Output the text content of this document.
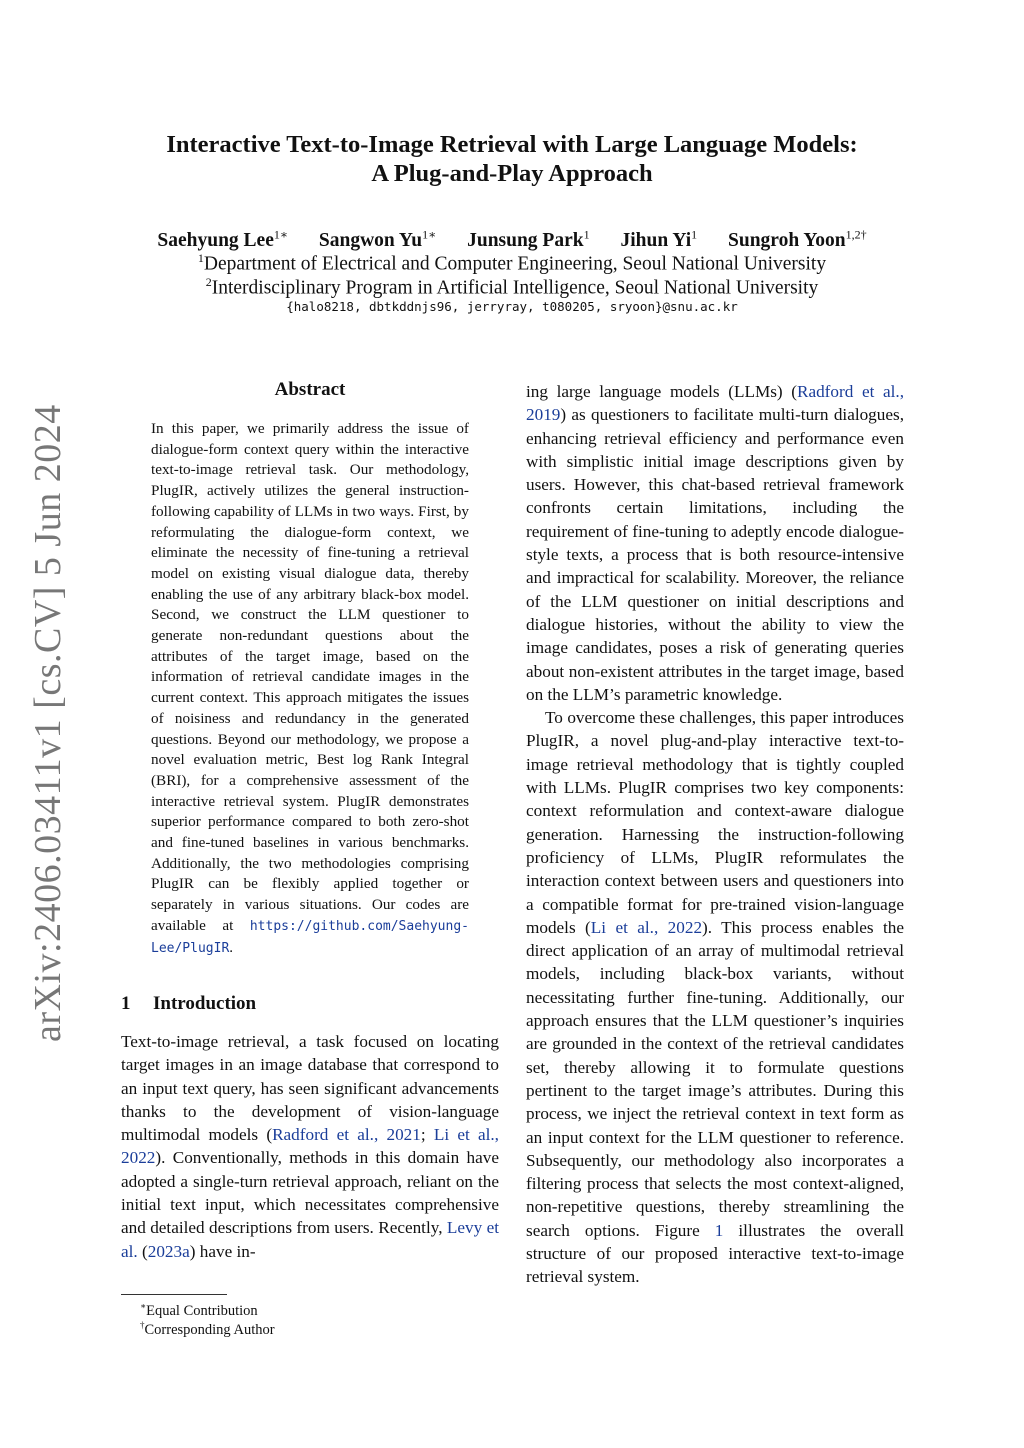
arXiv:2406.03411v1 [cs.CV] 5 Jun 2024
Interactive Text-to-Image Retrieval with Large Language Models:
A Plug-and-Play Approach
Saehyung Lee$^{1∗}$ Sangwon $Yu^{1∗}$ Junsung Park$^1$ Jihun Yi$^1$ Sungroh Yoon$^{1,2\dagger}$
$^1$Department of Electrical and Computer Engineering, Seoul National University
$^2$Interdisciplinary Program in Artificial Intelligence, Seoul National University
{halo8218, dbtkddnjs96, jerryray, t080205, sryoon}@snu.ac.kr
Abstract
In this paper, we primarily address the issue of dialogue-form context query within the interactive text-to-image retrieval task. Our methodology, PlugIR, actively utilizes the general instruction-following capability of LLMs in two ways. First, by reformulating the dialogue-form context, we eliminate the necessity of fine-tuning a retrieval model on existing visual dialogue data, thereby enabling the use of any arbitrary black-box model. Second, we construct the LLM questioner to generate non-redundant questions about the attributes of the target image, based on the information of retrieval candidate images in the current context. This approach mitigates the issues of noisiness and redundancy in the generated questions. Beyond our methodology, we propose a novel evaluation metric, Best log Rank Integral (BRI), for a comprehensive assessment of the interactive retrieval system. PlugIR demonstrates superior performance compared to both zero-shot and fine-tuned baselines in various benchmarks. Additionally, the two methodologies comprising PlugIR can be flexibly applied together or separately in various situations. Our codes are available at https://github.com/Saehyung-Lee/PlugIR.
1 Introduction
Text-to-image retrieval, a task focused on locating target images in an image database that correspond to an input text query, has seen significant advancements thanks to the development of vision-language multimodal models (Radford et al., 2021; Li et al., 2022). Conventionally, methods in this domain have adopted a single-turn retrieval approach, reliant on the initial text input, which necessitates comprehensive and detailed descriptions from users. Recently, Levy et al. (2023a) have in-
∗Equal Contribution
†Corresponding Author

ing large language models (LLMs) (Radford et al., 2019) as questioners to facilitate multi-turn dialogues, enhancing retrieval efficiency and performance even with simplistic initial image descriptions given by users. However, this chat-based retrieval framework confronts certain limitations, including the requirement of fine-tuning to adeptly encode dialogue-style texts, a process that is both resource-intensive and impractical for scalability. Moreover, the reliance of the LLM questioner on initial descriptions and dialogue histories, without the ability to view the image candidates, poses a risk of generating queries about non-existent attributes in the target image, based on the LLM’s parametric knowledge.

To overcome these challenges, this paper introduces PlugIR, a novel plug-and-play interactive text-to-image retrieval methodology that is tightly coupled with LLMs. PlugIR comprises two key components: context reformulation and context-aware dialogue generation. Harnessing the instruction-following proficiency of LLMs, PlugIR reformulates the interaction context between users and questioners into a compatible format for pre-trained vision-language models (Li et al., 2022). This process enables the direct application of an array of multimodal retrieval models, including black-box variants, without necessitating further fine-tuning. Additionally, our approach ensures that the LLM questioner’s inquiries are grounded in the context of the retrieval candidates set, thereby allowing it to formulate questions pertinent to the target image’s attributes. During this process, we inject the retrieval context in text form as an input context for the LLM questioner to reference. Subsequently, our methodology also incorporates a filtering process that selects the most context-aligned, non-repetitive questions, thereby streamlining the search options. Figure 1 illustrates the overall structure of our proposed interactive text-to-image retrieval system.
